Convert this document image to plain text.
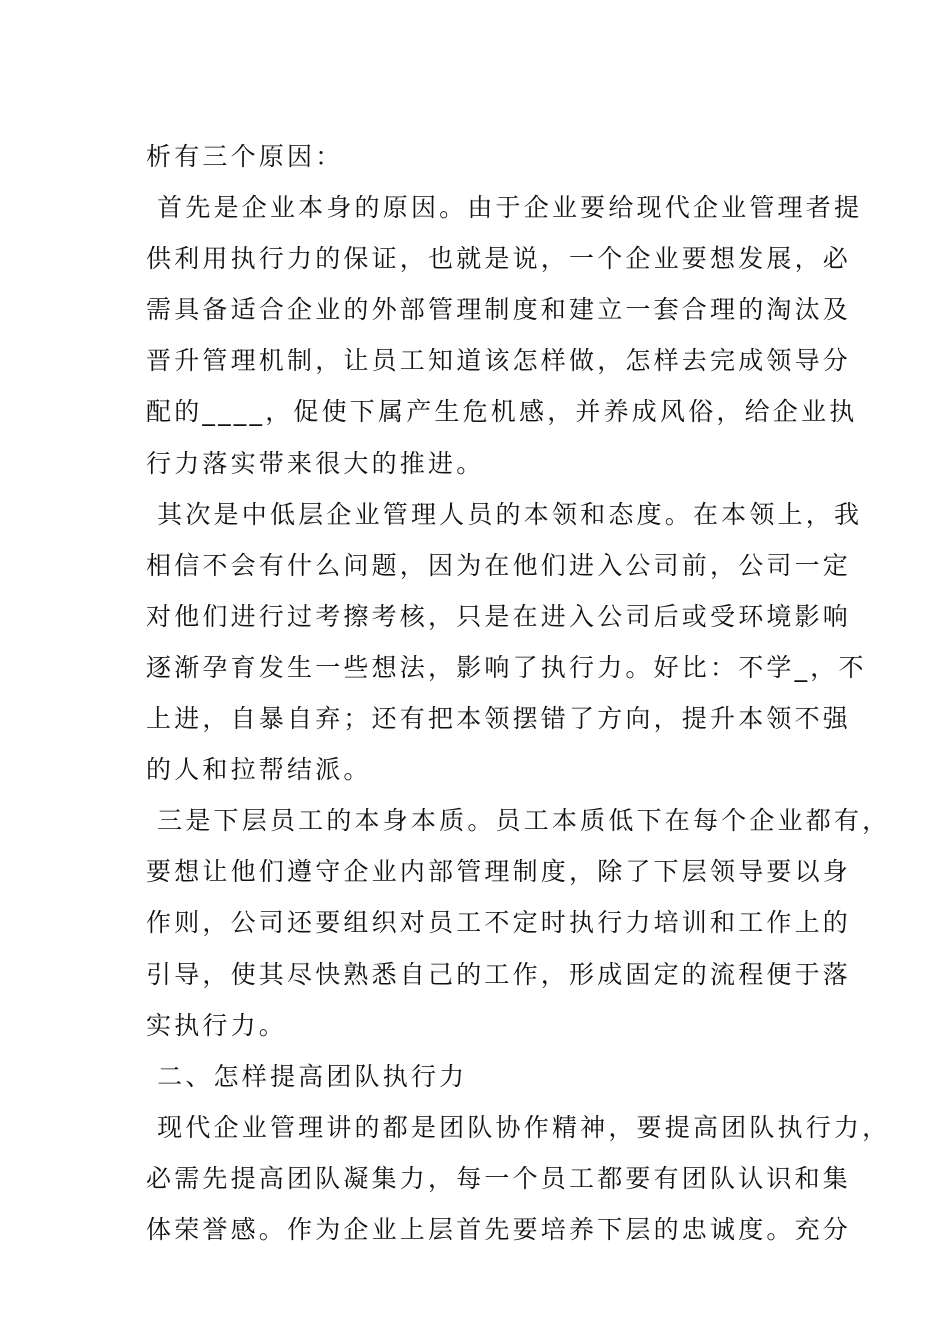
析有三个原因：
首先是企业本身的原因。由于企业要给现代企业管理者提
供利用执行力的保证，也就是说，一个企业要想发展，必
需具备适合企业的外部管理制度和建立一套合理的淘汰及
晋升管理机制，让员工知道该怎样做，怎样去完成领导分
配的____，促使下属产生危机感，并养成风俗，给企业执
行力落实带来很大的推进。
其次是中低层企业管理人员的本领和态度。在本领上，我
相信不会有什么问题，因为在他们进入公司前，公司一定
对他们进行过考擦考核，只是在进入公司后或受环境影响
逐渐孕育发生一些想法，影响了执行力。好比：不学_，不
上进，自暴自弃；还有把本领摆错了方向，提升本领不强
的人和拉帮结派。
三是下层员工的本身本质。员工本质低下在每个企业都有，
要想让他们遵守企业内部管理制度，除了下层领导要以身
作则，公司还要组织对员工不定时执行力培训和工作上的
引导，使其尽快熟悉自己的工作，形成固定的流程便于落
实执行力。
二、怎样提高团队执行力
现代企业管理讲的都是团队协作精神，要提高团队执行力，
必需先提高团队凝集力，每一个员工都要有团队认识和集
体荣誉感。作为企业上层首先要培养下层的忠诚度。充分
